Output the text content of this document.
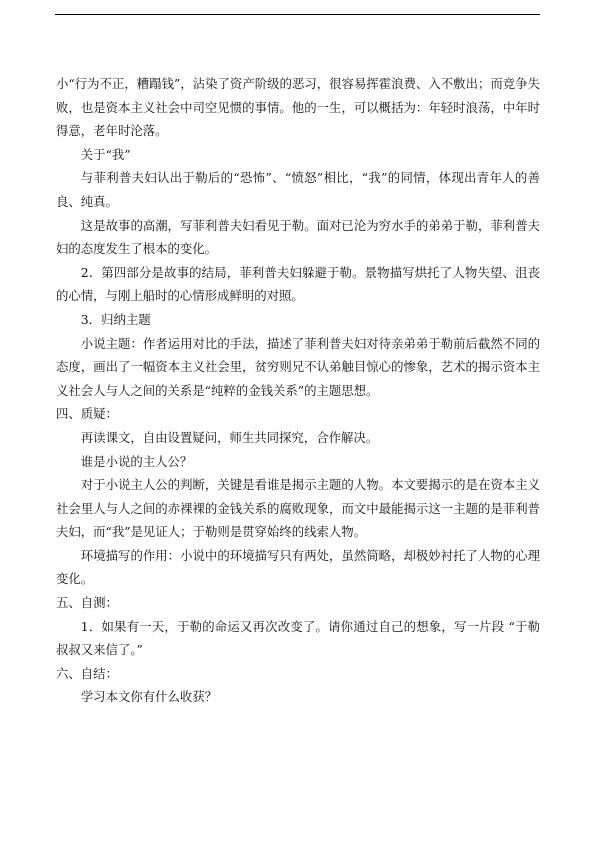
小“行为不正，糟蹋钱”，沾染了资产阶级的恶习，很容易挥霍浪费、入不敷出；而竞争失败，也是资本主义社会中司空见惯的事情。他的一生，可以概括为：年轻时浪荡，中年时得意，老年时沦落。

关于“我”

与菲利普夫妇认出于勒后的“恐怖”、“愤怒”相比，“我”的同情，体现出青年人的善良、纯真。

这是故事的高潮，写菲利普夫妇看见于勒。面对已沦为穷水手的弟弟于勒，菲利普夫妇的态度发生了根本的变化。

2．第四部分是故事的结局，菲利普夫妇躲避于勒。景物描写烘托了人物失望、沮丧的心情，与刚上船时的心情形成鲜明的对照。

3．归纳主题

小说主题：作者运用对比的手法，描述了菲利普夫妇对待亲弟弟于勒前后截然不同的态度，画出了一幅资本主义社会里，贫穷则兄不认弟触目惊心的惨象，艺术的揭示资本主义社会人与人之间的关系是“纯粹的金钱关系”的主题思想。

四、质疑：

再读课文，自由设置疑问，师生共同探究，合作解决。

谁是小说的主人公？

对于小说主人公的判断，关键是看谁是揭示主题的人物。本文要揭示的是在资本主义社会里人与人之间的赤裸裸的金钱关系的腐败现象，而文中最能揭示这一主题的是菲利普夫妇，而“我”是见证人；于勒则是贯穿始终的线索人物。

环境描写的作用：小说中的环境描写只有两处，虽然简略，却极妙衬托了人物的心理变化。

五、自测：

1．如果有一天，于勒的命运又再次改变了。请你通过自己的想象，写一片段 “于勒叔叔又来信了。”

六、自结：

学习本文你有什么收获？
